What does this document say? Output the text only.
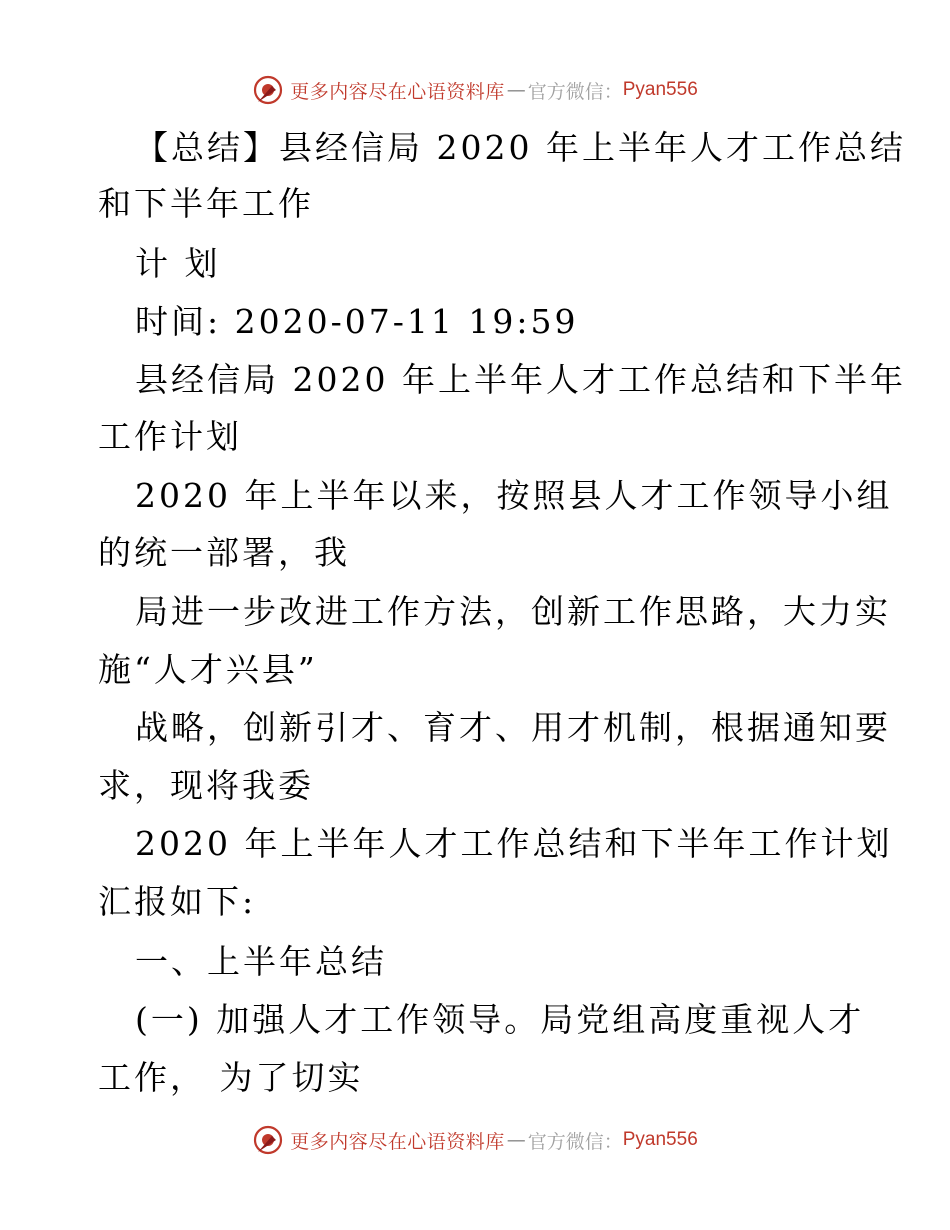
更多内容尽在心语资料库 — 官方微信： Pyan556
【总结】县经信局 2020 年上半年人才工作总结
和下半年工作
计 划
时间: 2020-07-11 19:59
县经信局 2020 年上半年人才工作总结和下半年
工作计划
2020 年上半年以来，按照县人才工作领导小组
的统一部署，我
局进一步改进工作方法，创新工作思路，大力实
施“人才兴县”
战略，创新引才、育才、用才机制，根据通知要
求，现将我委
2020 年上半年人才工作总结和下半年工作计划
汇报如下:
一、上半年总结
(一) 加强人才工作领导。局党组高度重视人才
工作， 为了切实
更多内容尽在心语资料库 — 官方微信： Pyan556
